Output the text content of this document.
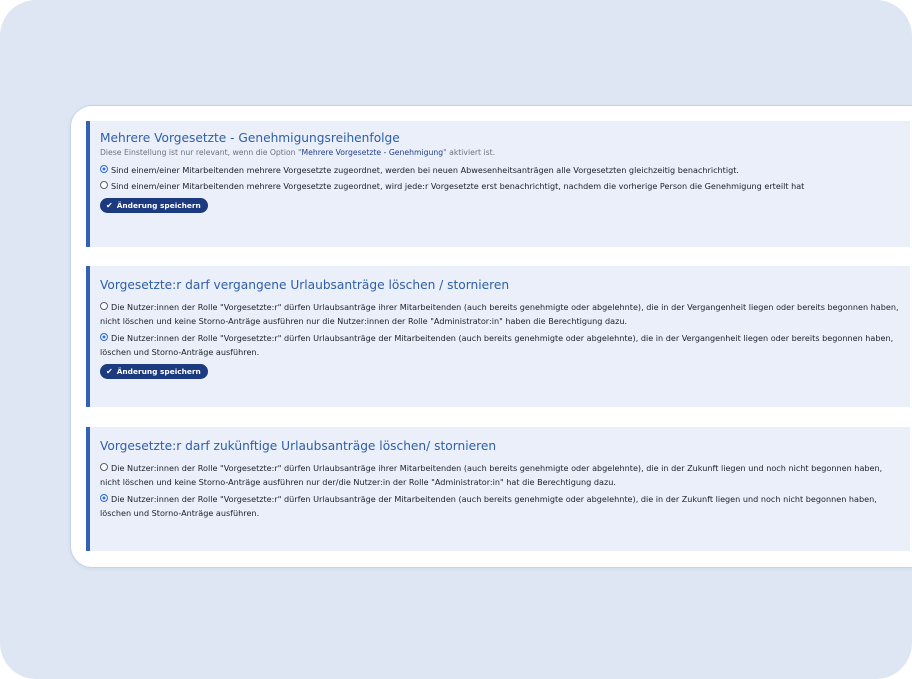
Mehrere Vorgesetzte - Genehmigungsreihenfolge
Diese Einstellung ist nur relevant, wenn die Option "Mehrere Vorgesetzte - Genehmigung" aktiviert ist.
Sind einem/einer Mitarbeitenden mehrere Vorgesetzte zugeordnet, werden bei neuen Abwesenheitsanträgen alle Vorgesetzten gleichzeitig benachrichtigt.
Sind einem/einer Mitarbeitenden mehrere Vorgesetzte zugeordnet, wird jede:r Vorgesetzte erst benachrichtigt, nachdem die vorherige Person die Genehmigung erteilt hat
✔ Änderung speichern
Vorgesetzte:r darf vergangene Urlaubsanträge löschen / stornieren
Die Nutzer:innen der Rolle "Vorgesetzte:r" dürfen Urlaubsanträge ihrer Mitarbeitenden (auch bereits genehmigte oder abgelehnte), die in der Vergangenheit liegen oder bereits begonnen haben, nicht löschen und keine Storno-Anträge ausführen nur die Nutzer:innen der Rolle "Administrator:in" haben die Berechtigung dazu.
Die Nutzer:innen der Rolle "Vorgesetzte:r" dürfen Urlaubsanträge der Mitarbeitenden (auch bereits genehmigte oder abgelehnte), die in der Vergangenheit liegen oder bereits begonnen haben, löschen und Storno-Anträge ausführen.
✔ Änderung speichern
Vorgesetzte:r darf zukünftige Urlaubsanträge löschen/ stornieren
Die Nutzer:innen der Rolle "Vorgesetzte:r" dürfen Urlaubsanträge ihrer Mitarbeitenden (auch bereits genehmigte oder abgelehnte), die in der Zukunft liegen und noch nicht begonnen haben, nicht löschen und keine Storno-Anträge ausführen nur der/die Nutzer:in der Rolle "Administrator:in" hat die Berechtigung dazu.
Die Nutzer:innen der Rolle "Vorgesetzte:r" dürfen Urlaubsanträge der Mitarbeitenden (auch bereits genehmigte oder abgelehnte), die in der Zukunft liegen und noch nicht begonnen haben, löschen und Storno-Anträge ausführen.
